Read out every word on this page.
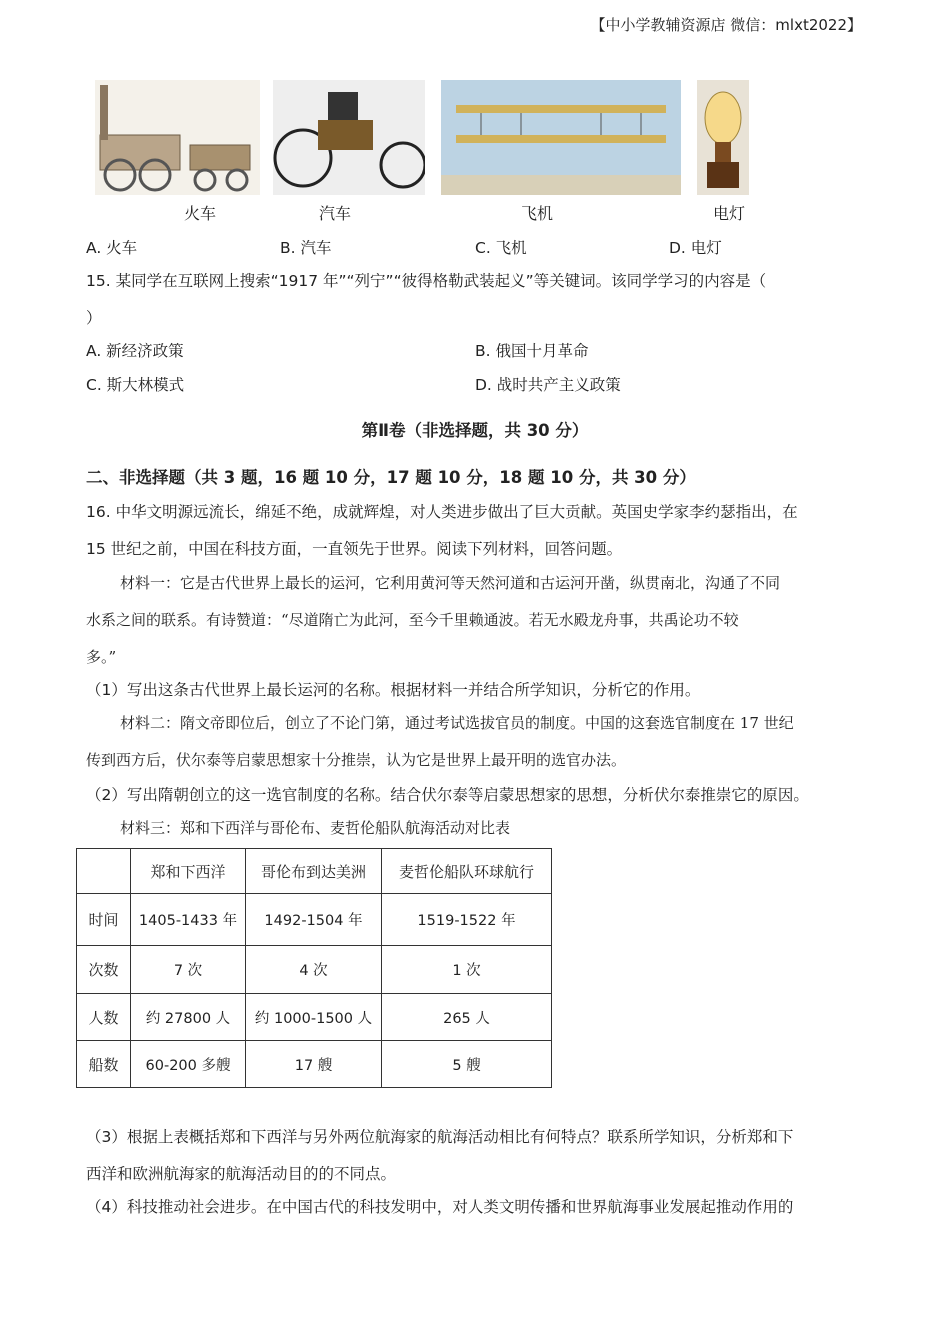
【中小学教辅资源店 微信：mlxt2022】
火车	汽车	飞机	电灯
A. 火车	B. 汽车	C. 飞机	D. 电灯
15. 某同学在互联网上搜索“1917 年”“列宁”“彼得格勒武装起义”等关键词。该同学学习的内容是（
）
A. 新经济政策	B. 俄国十月革命
C. 斯大林模式	D. 战时共产主义政策
第Ⅱ卷（非选择题，共 30 分）
二、非选择题（共 3 题，16 题 10 分，17 题 10 分，18 题 10 分，共 30 分）
16. 中华文明源远流长，绵延不绝，成就辉煌，对人类进步做出了巨大贡献。英国史学家李约瑟指出，在
15 世纪之前，中国在科技方面，一直领先于世界。阅读下列材料，回答问题。
材料一：它是古代世界上最长的运河，它利用黄河等天然河道和古运河开凿，纵贯南北，沟通了不同
水系之间的联系。有诗赞道：“尽道隋亡为此河，至今千里赖通波。若无水殿龙舟事，共禹论功不较
多。”
（1）写出这条古代世界上最长运河的名称。根据材料一并结合所学知识，分析它的作用。
材料二：隋文帝即位后，创立了不论门第，通过考试选拔官员的制度。中国的这套选官制度在 17 世纪
传到西方后，伏尔泰等启蒙思想家十分推崇，认为它是世界上最开明的选官办法。
（2）写出隋朝创立的这一选官制度的名称。结合伏尔泰等启蒙思想家的思想，分析伏尔泰推崇它的原因。
材料三：郑和下西洋与哥伦布、麦哲伦船队航海活动对比表
	郑和下西洋	哥伦布到达美洲	麦哲伦船队环球航行
时间	1405-1433 年	1492-1504 年	1519-1522 年
次数	7 次	4 次	1 次
人数	约 27800 人	约 1000-1500 人	265 人
船数	60-200 多艘	17 艘	5 艘
（3）根据上表概括郑和下西洋与另外两位航海家的航海活动相比有何特点？联系所学知识，分析郑和下
西洋和欧洲航海家的航海活动目的的不同点。
（4）科技推动社会进步。在中国古代的科技发明中，对人类文明传播和世界航海事业发展起推动作用的
